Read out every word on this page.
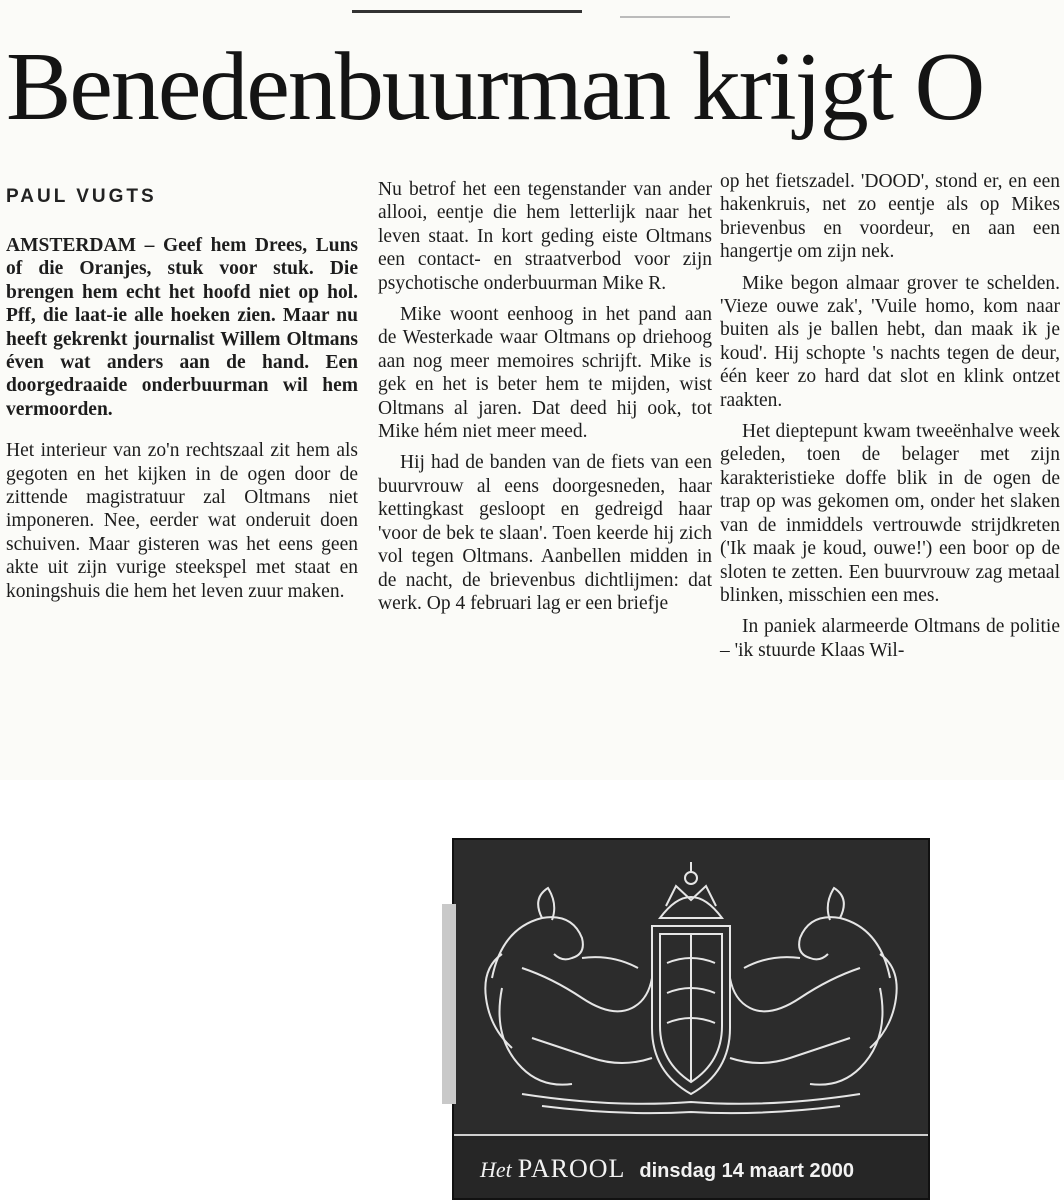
Benedenbuurman krijgt O
PAUL VUGTS

AMSTERDAM – Geef hem Drees, Luns of die Oranjes, stuk voor stuk. Die brengen hem echt het hoofd niet op hol. Pff, die laat-ie alle hoeken zien. Maar nu heeft gekrenkt journalist Willem Oltmans éven wat anders aan de hand. Een doorgedraaide onderbuurman wil hem vermoorden.

Het interieur van zo'n rechtszaal zit hem als gegoten en het kijken in de ogen door de zittende magistratuur zal Oltmans niet imponeren. Nee, eerder wat onderuit doen schuiven. Maar gisteren was het eens geen akte uit zijn vurige steekspel met staat en koningshuis die hem het leven zuur maken.

Nu betrof het een tegenstander van ander allooi, eentje die hem letterlijk naar het leven staat. In kort geding eiste Oltmans een contact- en straatverbod voor zijn psychotische onderbuurman Mike R.

Mike woont eenhoog in het pand aan de Westerkade waar Oltmans op driehoog aan nog meer memoires schrijft. Mike is gek en het is beter hem te mijden, wist Oltmans al jaren. Dat deed hij ook, tot Mike hém niet meer meed.

Hij had de banden van de fiets van een buurvrouw al eens doorgesneden, haar kettingkast gesloopt en gedreigd haar 'voor de bek te slaan'. Toen keerde hij zich vol tegen Oltmans. Aanbellen midden in de nacht, de brievenbus dichtlijmen: dat werk. Op 4 februari lag er een briefje

op het fietszadel. 'DOOD', stond er, en een hakenkruis, net zo eentje als op Mikes brievenbus en voordeur, en aan een hangertje om zijn nek.

Mike begon almaar grover te schelden. 'Vieze ouwe zak', 'Vuile homo, kom naar buiten als je ballen hebt, dan maak ik je koud'. Hij schopte 's nachts tegen de deur, één keer zo hard dat slot en klink ontzet raakten.

Het dieptepunt kwam tweeënhalve week geleden, toen de belager met zijn karakteristieke doffe blik in de ogen de trap op was gekomen om, onder het slaken van de inmiddels vertrouwde strijdkreten ('Ik maak je koud, ouwe!') een boor op de sloten te zetten. Een buurvrouw zag metaal blinken, misschien een mes.

In paniek alarmeerde Oltmans de politie – 'ik stuurde Klaas Wil-

Het PAROOL dinsdag 14 maart 2000
